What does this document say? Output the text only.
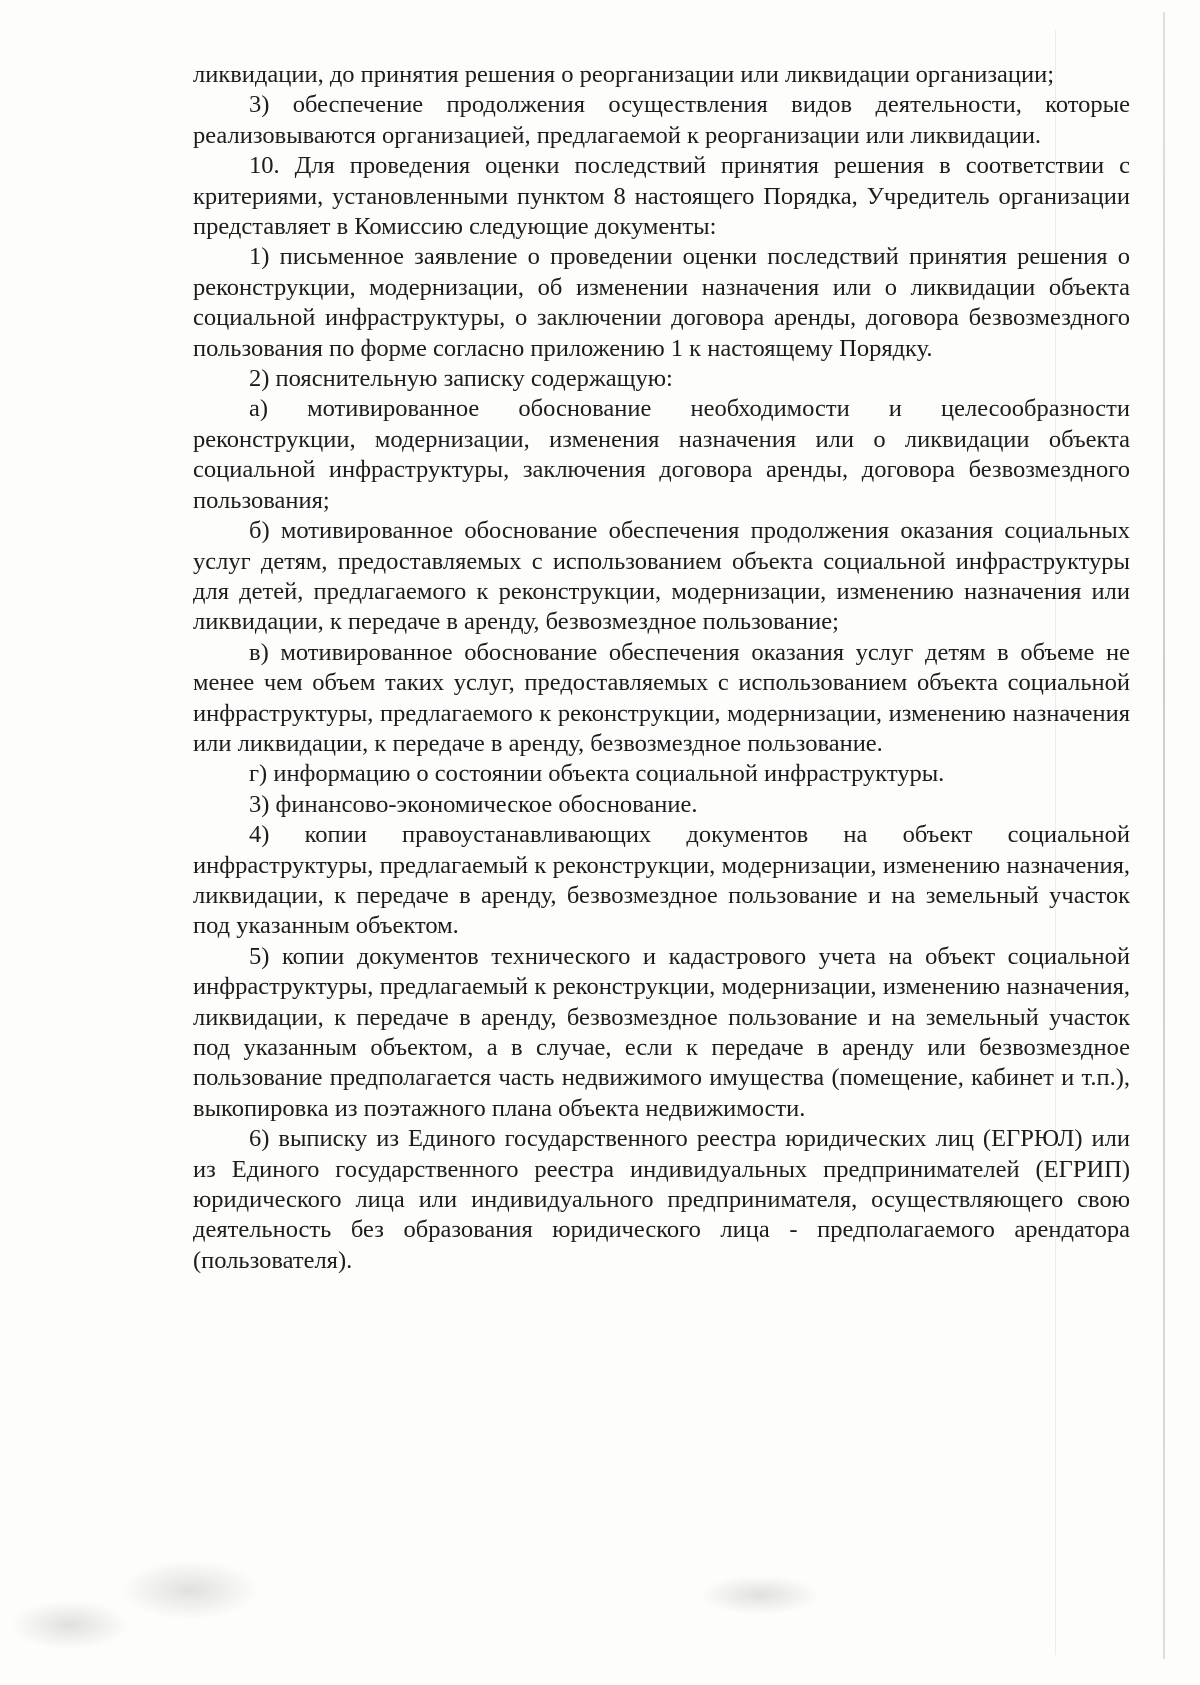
ликвидации, до принятия решения о реорганизации или ликвидации организации;

3) обеспечение продолжения осуществления видов деятельности, которые реализовываются организацией, предлагаемой к реорганизации или ликвидации.

10. Для проведения оценки последствий принятия решения в соответствии с критериями, установленными пунктом 8 настоящего Порядка, Учредитель организации представляет в Комиссию следующие документы:

1) письменное заявление о проведении оценки последствий принятия решения о реконструкции, модернизации, об изменении назначения или о ликвидации объекта социальной инфраструктуры, о заключении договора аренды, договора безвозмездного пользования по форме согласно приложению 1 к настоящему Порядку.

2) пояснительную записку содержащую:

а) мотивированное обоснование необходимости и целесообразности реконструкции, модернизации, изменения назначения или о ликвидации объекта социальной инфраструктуры, заключения договора аренды, договора безвозмездного пользования;

б) мотивированное обоснование обеспечения продолжения оказания социальных услуг детям, предоставляемых с использованием объекта социальной инфраструктуры для детей, предлагаемого к реконструкции, модернизации, изменению назначения или ликвидации, к передаче в аренду, безвозмездное пользование;

в) мотивированное обоснование обеспечения оказания услуг детям в объеме не менее чем объем таких услуг, предоставляемых с использованием объекта социальной инфраструктуры, предлагаемого к реконструкции, модернизации, изменению назначения или ликвидации, к передаче в аренду, безвозмездное пользование.

г) информацию о состоянии объекта социальной инфраструктуры.

3) финансово-экономическое обоснование.

4) копии правоустанавливающих документов на объект социальной инфраструктуры, предлагаемый к реконструкции, модернизации, изменению назначения, ликвидации, к передаче в аренду, безвозмездное пользование и на земельный участок под указанным объектом.

5) копии документов технического и кадастрового учета на объект социальной инфраструктуры, предлагаемый к реконструкции, модернизации, изменению назначения, ликвидации, к передаче в аренду, безвозмездное пользование и на земельный участок под указанным объектом, а в случае, если к передаче в аренду или безвозмездное пользование предполагается часть недвижимого имущества (помещение, кабинет и т.п.), выкопировка из поэтажного плана объекта недвижимости.

6) выписку из Единого государственного реестра юридических лиц (ЕГРЮЛ) или из Единого государственного реестра индивидуальных предпринимателей (ЕГРИП) юридического лица или индивидуального предпринимателя, осуществляющего свою деятельность без образования юридического лица - предполагаемого арендатора (пользователя).
